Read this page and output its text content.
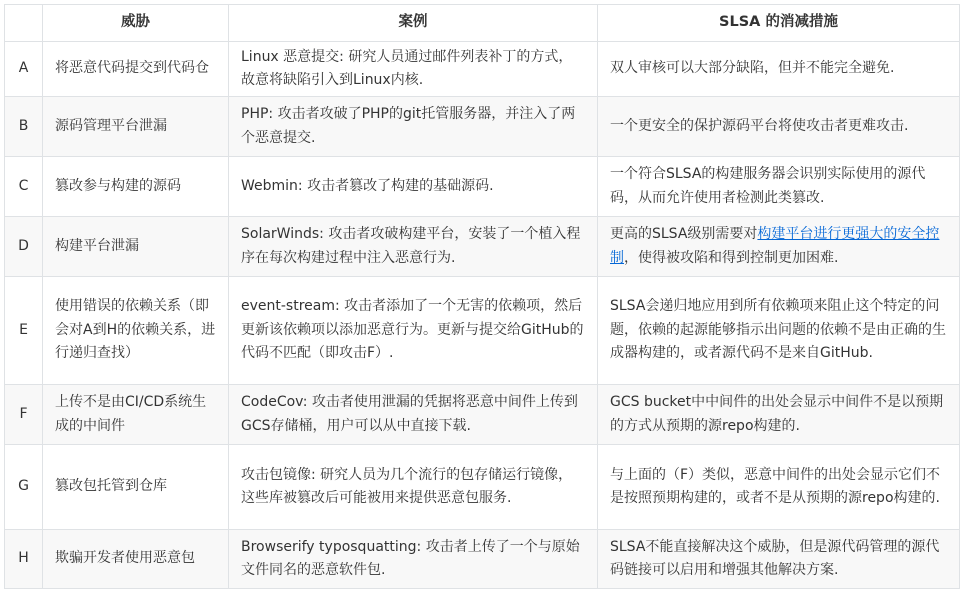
	威胁	案例	SLSA 的消减措施
A	将恶意代码提交到代码仓	Linux 恶意提交: 研究人员通过邮件列表补丁的方式，故意将缺陷引入到Linux内核.	双人审核可以大部分缺陷，但并不能完全避免.
B	源码管理平台泄漏	PHP: 攻击者攻破了PHP的git托管服务器，并注入了两个恶意提交.	一个更安全的保护源码平台将使攻击者更难攻击.
C	篡改参与构建的源码	Webmin: 攻击者篡改了构建的基础源码.	一个符合SLSA的构建服务器会识别实际使用的源代码，从而允许使用者检测此类篡改.
D	构建平台泄漏	SolarWinds: 攻击者攻破构建平台，安装了一个植入程序在每次构建过程中注入恶意行为.	更高的SLSA级别需要对构建平台进行更强大的安全控制，使得被攻陷和得到控制更加困难.
E	使用错误的依赖关系（即会对A到H的依赖关系，进行递归查找）	event-stream: 攻击者添加了一个无害的依赖项，然后更新该依赖项以添加恶意行为。更新与提交给GitHub的代码不匹配（即攻击F）.	SLSA会递归地应用到所有依赖项来阻止这个特定的问题，依赖的起源能够指示出问题的依赖不是由正确的生成器构建的，或者源代码不是来自GitHub.
F	上传不是由CI/CD系统生成的中间件	CodeCov: 攻击者使用泄漏的凭据将恶意中间件上传到GCS存储桶，用户可以从中直接下载.	GCS bucket中中间件的出处会显示中间件不是以预期的方式从预期的源repo构建的.
G	篡改包托管到仓库	攻击包镜像: 研究人员为几个流行的包存储运行镜像，这些库被篡改后可能被用来提供恶意包服务.	与上面的（F）类似，恶意中间件的出处会显示它们不是按照预期构建的，或者不是从预期的源repo构建的.
H	欺骗开发者使用恶意包	Browserify typosquatting: 攻击者上传了一个与原始文件同名的恶意软件包.	SLSA不能直接解决这个威胁，但是源代码管理的源代码链接可以启用和增强其他解决方案.
